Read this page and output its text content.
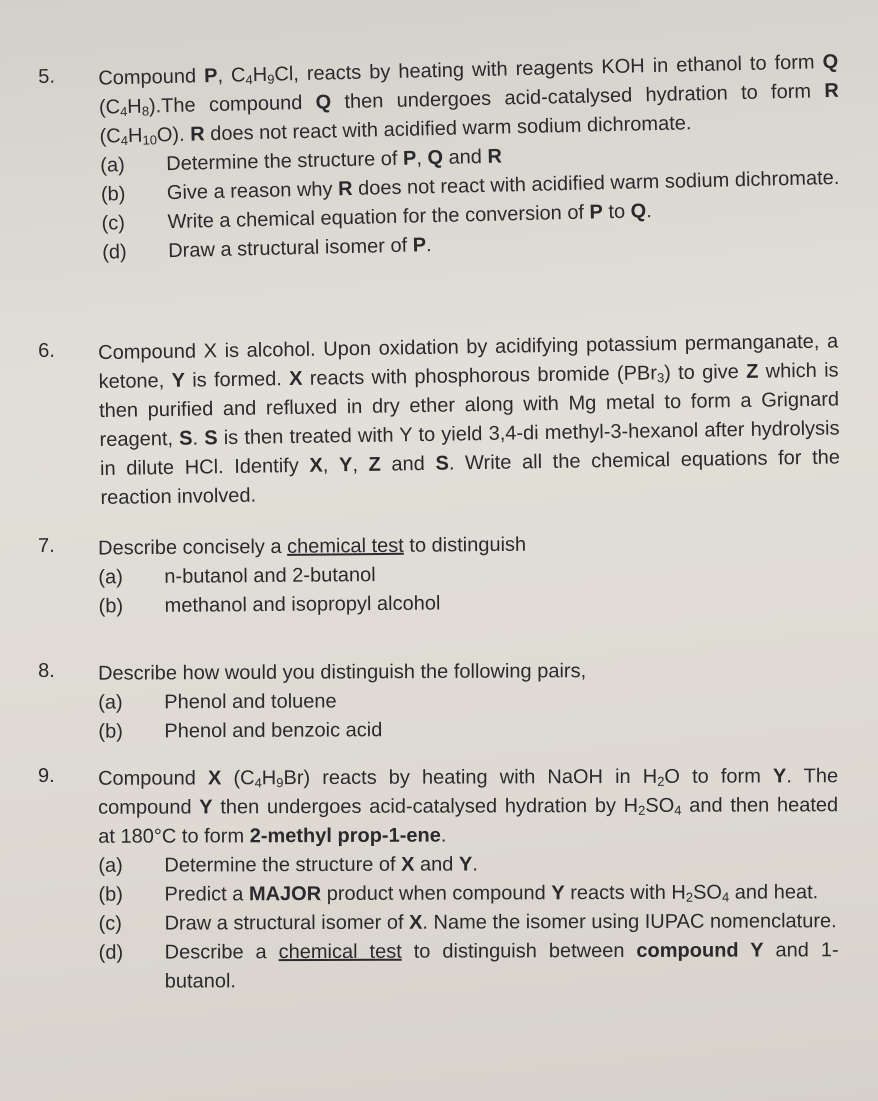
5. Compound P, $C_4H_9Cl$, reacts by heating with reagents KOH in ethanol to form Q $(C_4H_8).The$ compound Q then undergoes acid-catalysed hydration to form R $(C_4H_{10}O)$. R does not react with acidified warm sodium dichromate.
(a)	Determine the structure of P, Q and R
(b)	Give a reason why R does not react with acidified warm sodium dichromate.
(c)	Write a chemical equation for the conversion of P to Q.
(d)	Draw a structural isomer of P.
6. Compound X is alcohol. Upon oxidation by acidifying potassium permanganate, a ketone, Y is formed. X reacts with phosphorous bromide (PBr$_3$) to give Z which is then purified and refluxed in dry ether along with Mg metal to form a Grignard reagent, S. S is then treated with Y to yield 3,4-di methyl-3-hexanol after hydrolysis in dilute HCl. Identify X, Y, Z and S. Write all the chemical equations for the reaction involved.
7. Describe concisely a chemical test to distinguish
(a)	n-butanol and 2-butanol
(b)	methanol and isopropyl alcohol
8. Describe how would you distinguish the following pairs,
(a)	Phenol and toluene
(b)	Phenol and benzoic acid
9. Compound X $(C_4H_9Br)$ reacts by heating with NaOH in $H_2O$ to form Y. The compound Y then undergoes acid-catalysed hydration by $H_2SO_4$ and then heated at 180°C to form 2-methyl prop-1-ene.
(a)	Determine the structure of X and Y.
(b)	Predict a MAJOR product when compound Y reacts with $H_2SO_4$ and heat.
(c)	Draw a structural isomer of X. Name the isomer using IUPAC nomenclature.
(d)	Describe a chemical test to distinguish between compound Y and 1-butanol.
